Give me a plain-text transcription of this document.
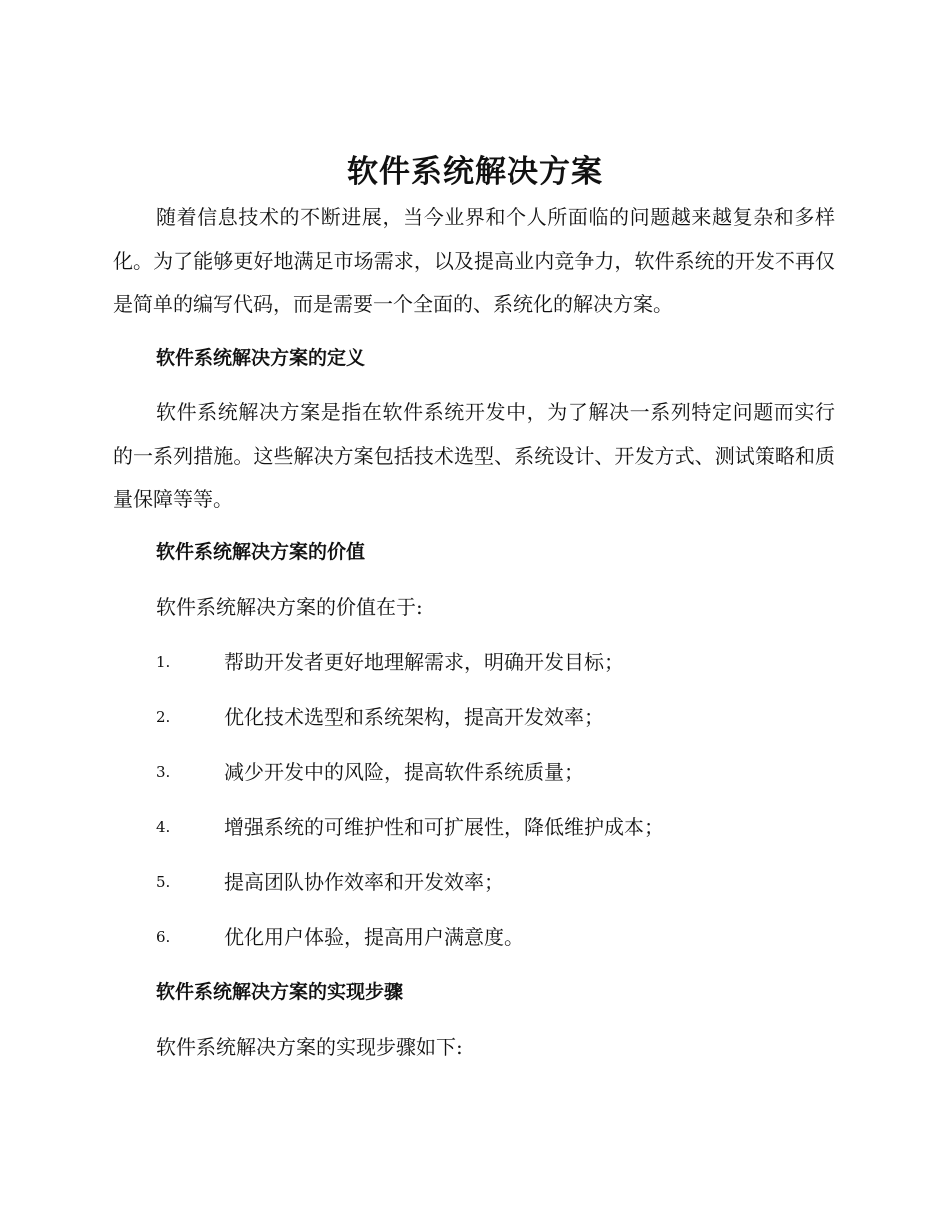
软件系统解决方案

随着信息技术的不断进展，当今业界和个人所面临的问题越来越复杂和多样化。为了能够更好地满足市场需求，以及提高业内竞争力，软件系统的开发不再仅是简单的编写代码，而是需要一个全面的、系统化的解决方案。

软件系统解决方案的定义

软件系统解决方案是指在软件系统开发中，为了解决一系列特定问题而实行的一系列措施。这些解决方案包括技术选型、系统设计、开发方式、测试策略和质量保障等等。

软件系统解决方案的价值

软件系统解决方案的价值在于:

1.	帮助开发者更好地理解需求，明确开发目标；
2.	优化技术选型和系统架构，提高开发效率；
3.	减少开发中的风险，提高软件系统质量；
4.	增强系统的可维护性和可扩展性，降低维护成本；
5.	提高团队协作效率和开发效率；
6.	优化用户体验，提高用户满意度。
软件系统解决方案的实现步骤

软件系统解决方案的实现步骤如下:
